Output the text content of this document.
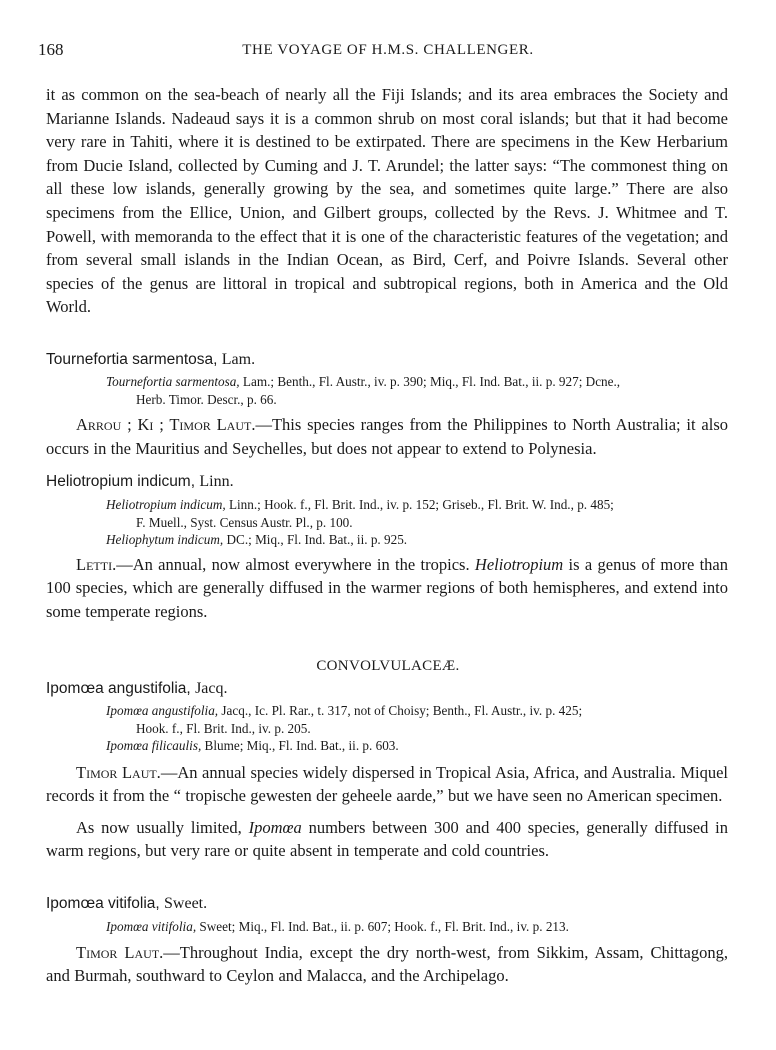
168	THE VOYAGE OF H.M.S. CHALLENGER.

it as common on the sea-beach of nearly all the Fiji Islands; and its area embraces the Society and Marianne Islands. Nadeaud says it is a common shrub on most coral islands; but that it had become very rare in Tahiti, where it is destined to be extirpated. There are specimens in the Kew Herbarium from Ducie Island, collected by Cuming and J. T. Arundel; the latter says: “The commonest thing on all these low islands, generally growing by the sea, and sometimes quite large.” There are also specimens from the Ellice, Union, and Gilbert groups, collected by the Revs. J. Whitmee and T. Powell, with memoranda to the effect that it is one of the characteristic features of the vegetation; and from several small islands in the Indian Ocean, as Bird, Cerf, and Poivre Islands. Several other species of the genus are littoral in tropical and subtropical regions, both in America and the Old World.

Tournefortia sarmentosa, Lam.

Tournefortia sarmentosa, Lam.; Benth., Fl. Austr., iv. p. 390; Miq., Fl. Ind. Bat., ii. p. 927; Dcne.,
Herb. Timor. Descr., p. 66.

Arrou ; Ki ; Timor Laut.—This species ranges from the Philippines to North Australia; it also occurs in the Mauritius and Seychelles, but does not appear to extend to Polynesia.

Heliotropium indicum, Linn.

Heliotropium indicum, Linn.; Hook. f., Fl. Brit. Ind., iv. p. 152; Griseb., Fl. Brit. W. Ind., p. 485;
F. Muell., Syst. Census Austr. Pl., p. 100.

Heliophytum indicum, DC.; Miq., Fl. Ind. Bat., ii. p. 925.

Letti.—An annual, now almost everywhere in the tropics. Heliotropium is a genus of more than 100 species, which are generally diffused in the warmer regions of both hemispheres, and extend into some temperate regions.

CONVOLVULACEÆ.

Ipomœa angustifolia, Jacq.

Ipomœa angustifolia, Jacq., Ic. Pl. Rar., t. 317, not of Choisy; Benth., Fl. Austr., iv. p. 425;
Hook. f., Fl. Brit. Ind., iv. p. 205.

Ipomœa filicaulis, Blume; Miq., Fl. Ind. Bat., ii. p. 603.

Timor Laut.—An annual species widely dispersed in Tropical Asia, Africa, and Australia. Miquel records it from the “ tropische gewesten der geheele aarde,” but we have seen no American specimen.

As now usually limited, Ipomœa numbers between 300 and 400 species, generally diffused in warm regions, but very rare or quite absent in temperate and cold countries.

Ipomœa vitifolia, Sweet.

Ipomœa vitifolia, Sweet; Miq., Fl. Ind. Bat., ii. p. 607; Hook. f., Fl. Brit. Ind., iv. p. 213.

Timor Laut.—Throughout India, except the dry north-west, from Sikkim, Assam, Chittagong, and Burmah, southward to Ceylon and Malacca, and the Archipelago.
